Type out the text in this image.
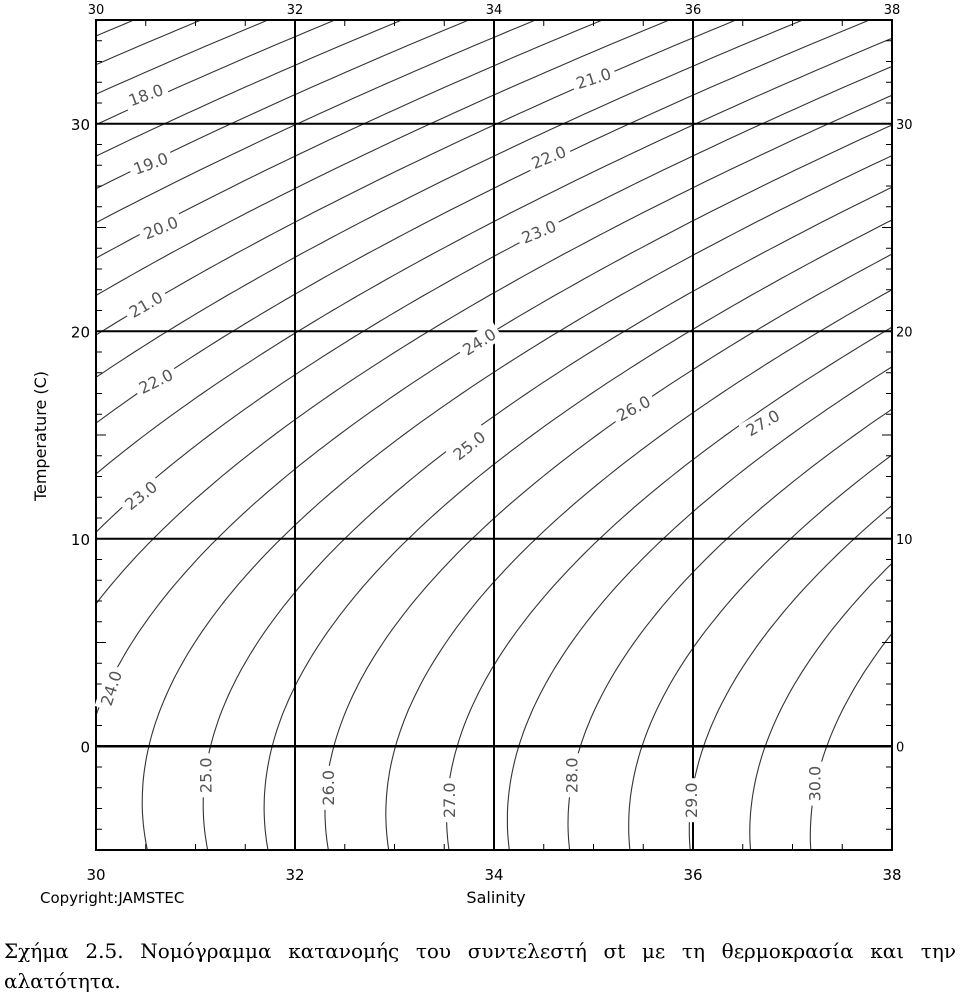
18.0
19.0
20.0
21.0
22.0
23.0
24.0
21.0
22.0
23.0
24.0
25.0
26.0	27.0
25.0	26.0	27.0
28.0
29.0	30.0
30
30
32
32
34
34
36
36
38
38
0	0
10	10
20	20
30	30
Salinity
Temperature (C)
Copyright:JAMSTEC
Σχήμα 2.5. Νομόγραμμα κατανομής του συντελεστή σt με τη θερμοκρασία και την αλατότητα.
